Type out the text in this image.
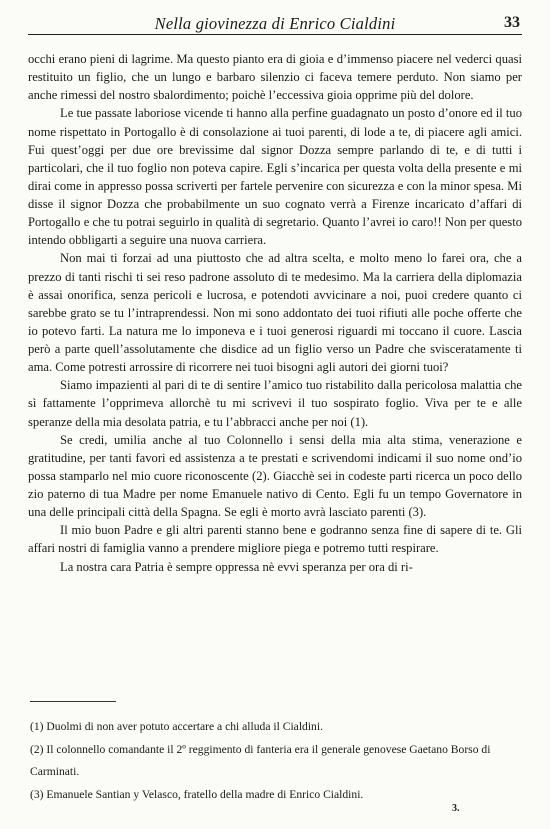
Nella giovinezza di Enrico Cialdini	33

occhi erano pieni di lagrime. Ma questo pianto era di gioia e d’immenso piacere nel vederci quasi restituito un figlio, che un lungo e barbaro silenzio ci faceva temere perduto. Non siamo per anche rimessi del nostro sbalordimento; poichè l’eccessiva gioia opprime più del dolore.

Le tue passate laboriose vicende ti hanno alla perfine guadagnato un posto d’onore ed il tuo nome rispettato in Portogallo è di consolazione ai tuoi parenti, di lode a te, di piacere agli amici. Fui quest’oggi per due ore brevissime dal signor Dozza sempre parlando di te, e di tutti i particolari, che il tuo foglio non poteva capire. Egli s’incarica per questa volta della presente e mi dirai come in appresso possa scriverti per fartele pervenire con sicurezza e con la minor spesa. Mi disse il signor Dozza che probabilmente un suo cognato verrà a Firenze incaricato d’affari di Portogallo e che tu potrai seguirlo in qualità di segretario. Quanto l’avrei io caro!! Non per questo intendo obbligarti a seguire una nuova carriera.

Non mai ti forzai ad una piuttosto che ad altra scelta, e molto meno lo farei ora, che a prezzo di tanti rischi ti sei reso padrone assoluto di te medesimo. Ma la carriera della diplomazia è assai onorifica, senza pericoli e lucrosa, e potendoti avvicinare a noi, puoi credere quanto ci sarebbe grato se tu l’intraprendessi. Non mi sono addontato dei tuoi rifiuti alle poche offerte che io potevo farti. La natura me lo imponeva e i tuoi generosi riguardi mi toccano il cuore. Lascia però a parte quell’assolutamente che disdice ad un figlio verso un Padre che svisceratamente ti ama. Come potresti arrossire di ricorrere nei tuoi bisogni agli autori dei giorni tuoi?

Siamo impazienti al pari di te di sentire l’amico tuo ristabilito dalla pericolosa malattia che sì fattamente l’opprimeva allorchè tu mi scrivevi il tuo sospirato foglio. Viva per te e alle speranze della mia desolata patria, e tu l’abbracci anche per noi (1).

Se credi, umilia anche al tuo Colonnello i sensi della mia alta stima, venerazione e gratitudine, per tanti favori ed assistenza a te prestati e scrivendomi indicami il suo nome ond’io possa stamparlo nel mio cuore riconoscente (2). Giacchè sei in codeste parti ricerca un poco dello zio paterno di tua Madre per nome Emanuele nativo di Cento. Egli fu un tempo Governatore in una delle principali città della Spagna. Se egli è morto avrà lasciato parenti (3).

Il mio buon Padre e gli altri parenti stanno bene e godranno senza fine di sapere di te. Gli affari nostri di famiglia vanno a prendere migliore piega e potremo tutti respirare.

La nostra cara Patria è sempre oppressa nè evvi speranza per ora di ri-

(1) Duolmi di non aver potuto accertare a chi alluda il Cialdini.

(2) Il colonnello comandante il 2º reggimento di fanteria era il generale genovese Gaetano Borso di Carminati.

(3) Emanuele Santian y Velasco, fratello della madre di Enrico Cialdini.

3.
